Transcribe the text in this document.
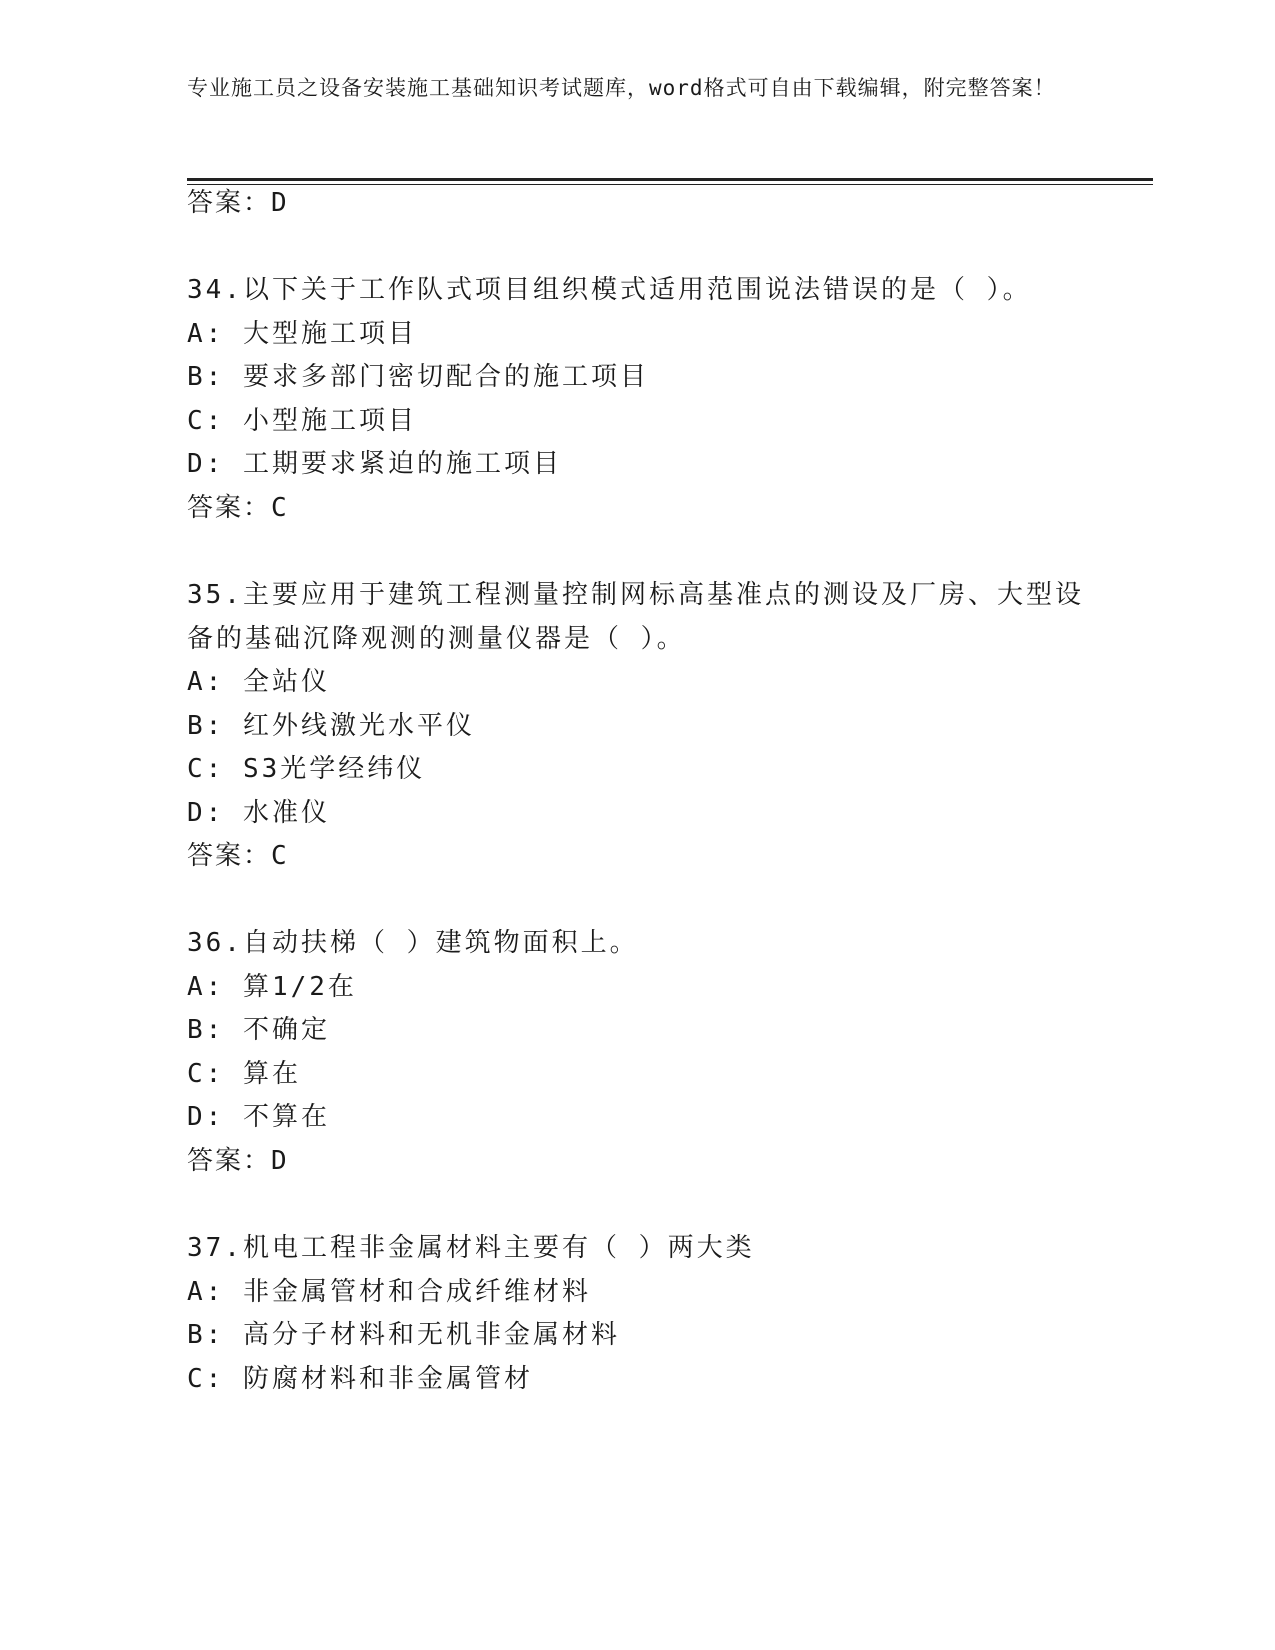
专业施工员之设备安装施工基础知识考试题库，word格式可自由下载编辑，附完整答案！
答案：D
34.以下关于工作队式项目组织模式适用范围说法错误的是（ ）。
A: 大型施工项目
B: 要求多部门密切配合的施工项目
C: 小型施工项目
D: 工期要求紧迫的施工项目
答案：C
35.主要应用于建筑工程测量控制网标高基准点的测设及厂房、大型设
备的基础沉降观测的测量仪器是（ ）。
A: 全站仪
B: 红外线激光水平仪
C: S3光学经纬仪
D: 水准仪
答案：C
36.自动扶梯（ ）建筑物面积上。
A: 算1/2在
B: 不确定
C: 算在
D: 不算在
答案：D
37.机电工程非金属材料主要有（ ）两大类
A: 非金属管材和合成纤维材料
B: 高分子材料和无机非金属材料
C: 防腐材料和非金属管材
